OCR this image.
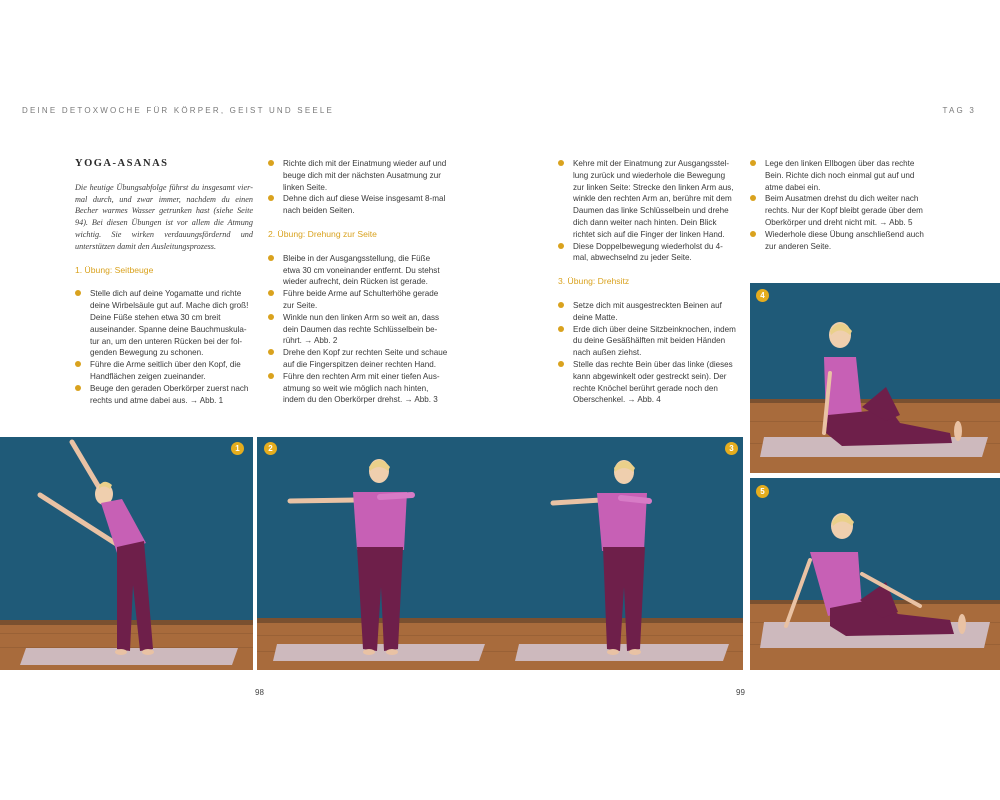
DEINE DETOXWOCHE FÜR KÖRPER, GEIST UND SEELE	TAG 3
YOGA-ASANAS
Die heutige Übungsabfolge führst du insgesamt viermal durch, und zwar immer, nachdem du einen Becher warmes Wasser getrunken hast (siehe Seite 94). Bei diesen Übungen ist vor allem die Atmung wichtig. Sie wirken verdauungsfördernd und unterstützen damit den Ausleitungsprozess.
1. Übung: Seitbeuge
Stelle dich auf deine Yogamatte und richte deine Wirbelsäule gut auf. Mache dich groß! Deine Füße stehen etwa 30 cm breit auseinander. Spanne deine Bauchmuskulatur an, um den unteren Rücken bei der folgenden Bewegung zu schonen.
Führe die Arme seitlich über den Kopf, die Handflächen zeigen zueinander.
Beuge den geraden Oberkörper zuerst nach rechts und atme dabei aus. → Abb. 1
Richte dich mit der Einatmung wieder auf und beuge dich mit der nächsten Ausatmung zur linken Seite.
Dehne dich auf diese Weise insgesamt 8-mal nach beiden Seiten.
2. Übung: Drehung zur Seite
Bleibe in der Ausgangsstellung, die Füße etwa 30 cm voneinander entfernt. Du stehst wieder aufrecht, dein Rücken ist gerade.
Führe beide Arme auf Schulterhöhe gerade zur Seite.
Winkle nun den linken Arm so weit an, dass dein Daumen das rechte Schlüsselbein berührt. → Abb. 2
Drehe den Kopf zur rechten Seite und schaue auf die Fingerspitzen deiner rechten Hand.
Führe den rechten Arm mit einer tiefen Ausatmung so weit wie möglich nach hinten, indem du den Oberkörper drehst. → Abb. 3
Kehre mit der Einatmung zur Ausgangsstellung zurück und wiederhole die Bewegung zur linken Seite: Strecke den linken Arm aus, winkle den rechten Arm an, berühre mit dem Daumen das linke Schlüsselbein und drehe dich dann weiter nach hinten. Dein Blick richtet sich auf die Finger der linken Hand.
Diese Doppelbewegung wiederholst du 4-mal, abwechselnd zu jeder Seite.
3. Übung: Drehsitz
Setze dich mit ausgestreckten Beinen auf deine Matte.
Erde dich über deine Sitzbeinknochen, indem du deine Gesäßhälften mit beiden Händen nach außen ziehst.
Stelle das rechte Bein über das linke (dieses kann abgewinkelt oder gestreckt sein). Der rechte Knöchel berührt gerade noch den Oberschenkel. → Abb. 4
Lege den linken Ellbogen über das rechte Bein. Richte dich noch einmal gut auf und atme dabei ein.
Beim Ausatmen drehst du dich weiter nach rechts. Nur der Kopf bleibt gerade über dem Oberkörper und dreht nicht mit. → Abb. 5
Wiederhole diese Übung anschließend auch zur anderen Seite.
1	2	3
4
5
98	99
